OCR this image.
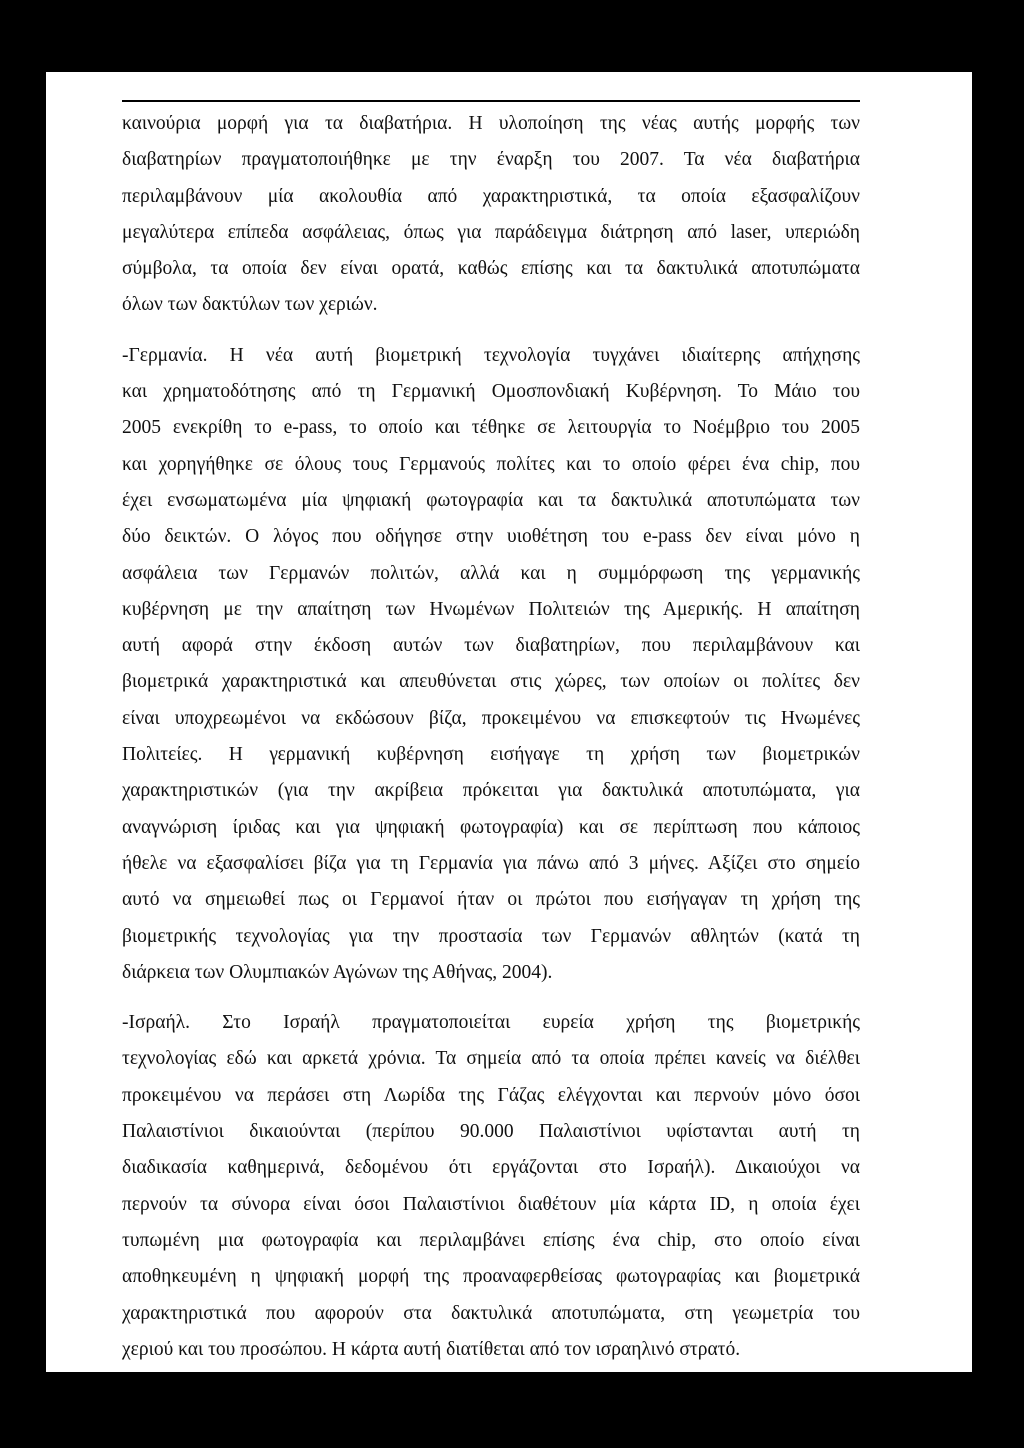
καινούρια μορφή για τα διαβατήρια. Η υλοποίηση της νέας αυτής μορφής των
διαβατηρίων πραγματοποιήθηκε με την έναρξη του 2007. Τα νέα διαβατήρια
περιλαμβάνουν μία ακολουθία από χαρακτηριστικά, τα οποία εξασφαλίζουν
μεγαλύτερα επίπεδα ασφάλειας, όπως για παράδειγμα διάτρηση από laser, υπεριώδη
σύμβολα, τα οποία δεν είναι ορατά, καθώς επίσης και τα δακτυλικά αποτυπώματα
όλων των δακτύλων των χεριών.
-Γερμανία. Η νέα αυτή βιομετρική τεχνολογία τυγχάνει ιδιαίτερης απήχησης
και χρηματοδότησης από τη Γερμανική Ομοσπονδιακή Κυβέρνηση. Το Μάιο του
2005 ενεκρίθη το e-pass, το οποίο και τέθηκε σε λειτουργία το Νοέμβριο του 2005
και χορηγήθηκε σε όλους τους Γερμανούς πολίτες και το οποίο φέρει ένα chip, που
έχει ενσωματωμένα μία ψηφιακή φωτογραφία και τα δακτυλικά αποτυπώματα των
δύο δεικτών. Ο λόγος που οδήγησε στην υιοθέτηση του e-pass δεν είναι μόνο η
ασφάλεια των Γερμανών πολιτών, αλλά και η συμμόρφωση της γερμανικής
κυβέρνηση με την απαίτηση των Ηνωμένων Πολιτειών της Αμερικής. Η απαίτηση
αυτή αφορά στην έκδοση αυτών των διαβατηρίων, που περιλαμβάνουν και
βιομετρικά χαρακτηριστικά και απευθύνεται στις χώρες, των οποίων οι πολίτες δεν
είναι υποχρεωμένοι να εκδώσουν βίζα, προκειμένου να επισκεφτούν τις Ηνωμένες
Πολιτείες. Η γερμανική κυβέρνηση εισήγαγε τη χρήση των βιομετρικών
χαρακτηριστικών (για την ακρίβεια πρόκειται για δακτυλικά αποτυπώματα, για
αναγνώριση ίριδας και για ψηφιακή φωτογραφία) και σε περίπτωση που κάποιος
ήθελε να εξασφαλίσει βίζα για τη Γερμανία για πάνω από 3 μήνες. Αξίζει στο σημείο
αυτό να σημειωθεί πως οι Γερμανοί ήταν οι πρώτοι που εισήγαγαν τη χρήση της
βιομετρικής τεχνολογίας για την προστασία των Γερμανών αθλητών (κατά τη
διάρκεια των Ολυμπιακών Αγώνων της Αθήνας, 2004).
-Ισραήλ. Στο Ισραήλ πραγματοποιείται ευρεία χρήση της βιομετρικής
τεχνολογίας εδώ και αρκετά χρόνια. Τα σημεία από τα οποία πρέπει κανείς να διέλθει
προκειμένου να περάσει στη Λωρίδα της Γάζας ελέγχονται και περνούν μόνο όσοι
Παλαιστίνιοι δικαιούνται (περίπου 90.000 Παλαιστίνιοι υφίστανται αυτή τη
διαδικασία καθημερινά, δεδομένου ότι εργάζονται στο Ισραήλ). Δικαιούχοι να
περνούν τα σύνορα είναι όσοι Παλαιστίνιοι διαθέτουν μία κάρτα ID, η οποία έχει
τυπωμένη μια φωτογραφία και περιλαμβάνει επίσης ένα chip, στο οποίο είναι
αποθηκευμένη η ψηφιακή μορφή της προαναφερθείσας φωτογραφίας και βιομετρικά
χαρακτηριστικά που αφορούν στα δακτυλικά αποτυπώματα, στη γεωμετρία του
χεριού και του προσώπου. Η κάρτα αυτή διατίθεται από τον ισραηλινό στρατό.
